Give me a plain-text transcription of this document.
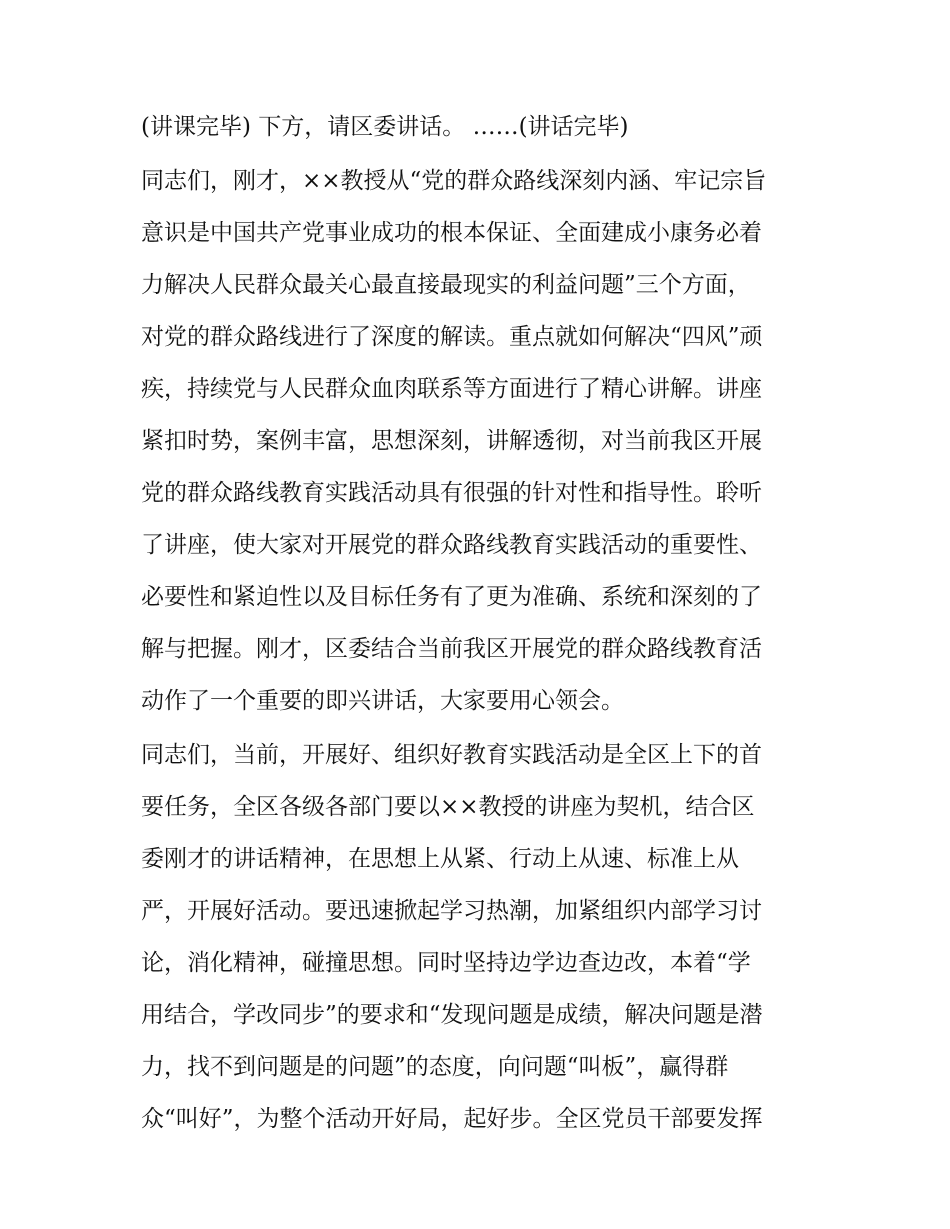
(讲课完毕) 下方，请区委讲话。 ……(讲话完毕)
同志们，刚才，××教授从“党的群众路线深刻内涵、牢记宗旨
意识是中国共产党事业成功的根本保证、全面建成小康务必着
力解决人民群众最关心最直接最现实的利益问题”三个方面，
对党的群众路线进行了深度的解读。重点就如何解决“四风”顽
疾，持续党与人民群众血肉联系等方面进行了精心讲解。讲座
紧扣时势，案例丰富，思想深刻，讲解透彻，对当前我区开展
党的群众路线教育实践活动具有很强的针对性和指导性。聆听
了讲座，使大家对开展党的群众路线教育实践活动的重要性、
必要性和紧迫性以及目标任务有了更为准确、系统和深刻的了
解与把握。刚才，区委结合当前我区开展党的群众路线教育活
动作了一个重要的即兴讲话，大家要用心领会。
同志们，当前，开展好、组织好教育实践活动是全区上下的首
要任务，全区各级各部门要以××教授的讲座为契机，结合区
委刚才的讲话精神，在思想上从紧、行动上从速、标准上从
严，开展好活动。要迅速掀起学习热潮，加紧组织内部学习讨
论，消化精神，碰撞思想。同时坚持边学边查边改，本着“学
用结合，学改同步”的要求和“发现问题是成绩，解决问题是潜
力，找不到问题是的问题”的态度，向问题“叫板”，赢得群
众“叫好”，为整个活动开好局，起好步。全区党员干部要发挥
